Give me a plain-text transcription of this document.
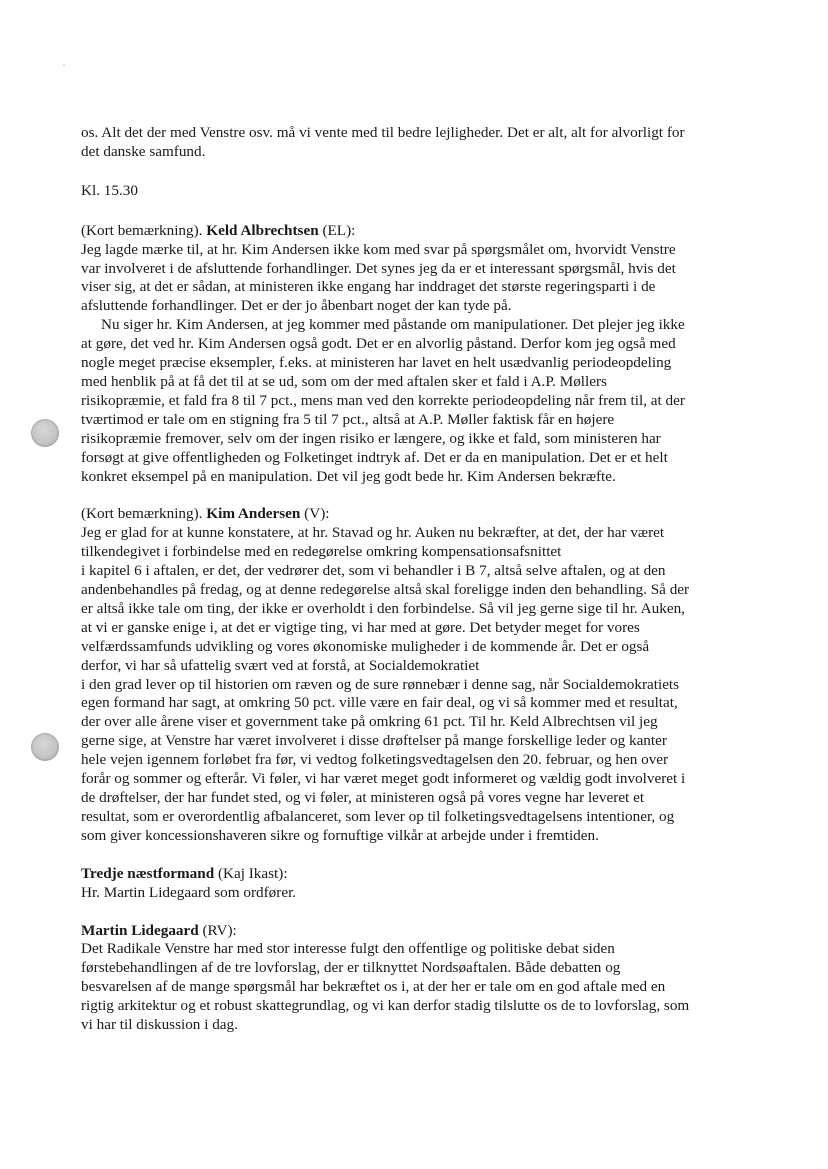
os. Alt det der med Venstre osv. må vi vente med til bedre lejligheder. Det er alt, alt for alvorligt for
det danske samfund.
Kl. 15.30
(Kort bemærkning). Keld Albrechtsen (EL):
Jeg lagde mærke til, at hr. Kim Andersen ikke kom med svar på spørgsmålet om, hvorvidt Venstre
var involveret i de afsluttende forhandlinger. Det synes jeg da er et interessant spørgsmål, hvis det
viser sig, at det er sådan, at ministeren ikke engang har inddraget det største regeringsparti i de
afsluttende forhandlinger. Det er der jo åbenbart noget der kan tyde på.
Nu siger hr. Kim Andersen, at jeg kommer med påstande om manipulationer. Det plejer jeg ikke
at gøre, det ved hr. Kim Andersen også godt. Det er en alvorlig påstand. Derfor kom jeg også med
nogle meget præcise eksempler, f.eks. at ministeren har lavet en helt usædvanlig periodeopdeling
med henblik på at få det til at se ud, som om der med aftalen sker et fald i A.P. Møllers
risikopræmie, et fald fra 8 til 7 pct., mens man ved den korrekte periodeopdeling når frem til, at der
tværtimod er tale om en stigning fra 5 til 7 pct., altså at A.P. Møller faktisk får en højere
risikopræmie fremover, selv om der ingen risiko er længere, og ikke et fald, som ministeren har
forsøgt at give offentligheden og Folketinget indtryk af. Det er da en manipulation. Det er et helt
konkret eksempel på en manipulation. Det vil jeg godt bede hr. Kim Andersen bekræfte.
(Kort bemærkning). Kim Andersen (V):
Jeg er glad for at kunne konstatere, at hr. Stavad og hr. Auken nu bekræfter, at det, der har været
tilkendegivet i forbindelse med en redegørelse omkring kompensationsafsnittet
i kapitel 6 i aftalen, er det, der vedrører det, som vi behandler i B 7, altså selve aftalen, og at den
andenbehandles på fredag, og at denne redegørelse altså skal foreligge inden den behandling. Så der
er altså ikke tale om ting, der ikke er overholdt i den forbindelse. Så vil jeg gerne sige til hr. Auken,
at vi er ganske enige i, at det er vigtige ting, vi har med at gøre. Det betyder meget for vores
velfærdssamfunds udvikling og vores økonomiske muligheder i de kommende år. Det er også
derfor, vi har så ufattelig svært ved at forstå, at Socialdemokratiet
i den grad lever op til historien om ræven og de sure rønnebær i denne sag, når Socialdemokratiets
egen formand har sagt, at omkring 50 pct. ville være en fair deal, og vi så kommer med et resultat,
der over alle årene viser et government take på omkring 61 pct. Til hr. Keld Albrechtsen vil jeg
gerne sige, at Venstre har været involveret i disse drøftelser på mange forskellige leder og kanter
hele vejen igennem forløbet fra før, vi vedtog folketingsvedtagelsen den 20. februar, og hen over
forår og sommer og efterår. Vi føler, vi har været meget godt informeret og vældig godt involveret i
de drøftelser, der har fundet sted, og vi føler, at ministeren også på vores vegne har leveret et
resultat, som er overordentlig afbalanceret, som lever op til folketingsvedtagelsens intentioner, og
som giver koncessionshaveren sikre og fornuftige vilkår at arbejde under i fremtiden.
Tredje næstformand (Kaj Ikast):
Hr. Martin Lidegaard som ordfører.
Martin Lidegaard (RV):
Det Radikale Venstre har med stor interesse fulgt den offentlige og politiske debat siden
førstebehandlingen af de tre lovforslag, der er tilknyttet Nordsøaftalen. Både debatten og
besvarelsen af de mange spørgsmål har bekræftet os i, at der her er tale om en god aftale med en
rigtig arkitektur og et robust skattegrundlag, og vi kan derfor stadig tilslutte os de to lovforslag, som
vi har til diskussion i dag.
